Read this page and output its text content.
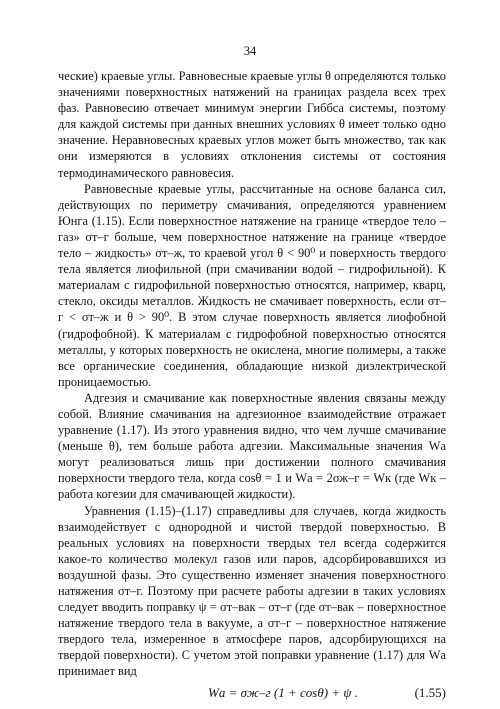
34

ческие) краевые углы. Равновесные краевые углы θ определяются только значениями поверхностных натяжений на границах раздела всех трех фаз. Равновесию отвечает минимум энергии Гиббса системы, поэтому для каждой системы при данных внешних условиях θ имеет только одно значение. Неравновесных краевых углов может быть множество, так как они измеряются в условиях отклонения системы от состояния термодинамического равновесия.

Равновесные краевые углы, рассчитанные на основе баланса сил, действующих по периметру смачивания, определяются уравнением Юнга (1.15). Если поверхностное натяжение на границе «твердое тело – газ» σт–г больше, чем поверхностное натяжение на границе «твердое тело – жидкость» σт–ж, то краевой угол θ < 90⁰ и поверхность твердого тела является лиофильной (при смачивании водой – гидрофильной). К материалам с гидрофильной поверхностью относятся, например, кварц, стекло, оксиды металлов. Жидкость не смачивает поверхность, если σт–г < σт–ж и θ > 90⁰. В этом случае поверхность является лиофобной (гидрофобной). К материалам с гидрофобной поверхностью относятся металлы, у которых поверхность не окислена, многие полимеры, а также все органические соединения, обладающие низкой диэлектрической проницаемостью.

Адгезия и смачивание как поверхностные явления связаны между собой. Влияние смачивания на адгезионное взаимодействие отражает уравнение (1.17). Из этого уравнения видно, что чем лучше смачивание (меньше θ), тем больше работа адгезии. Максимальные значения Wа могут реализоваться лишь при достижении полного смачивания поверхности твердого тела, когда cosθ = 1 и Wа = 2σж–г = Wк (где Wк – работа когезии для смачивающей жидкости).

Уравнения (1.15)–(1.17) справедливы для случаев, когда жидкость взаимодействует с однородной и чистой твердой поверхностью. В реальных условиях на поверхности твердых тел всегда содержится какое-то количество молекул газов или паров, адсорбировавшихся из воздушной фазы. Это существенно изменяет значения поверхностного натяжения σт–г. Поэтому при расчете работы адгезии в таких условиях следует вводить поправку ψ = σт–вак – σт–г (где σт–вак – поверхностное натяжение твердого тела в вакууме, а σт–г – поверхностное натяжение твердого тела, измеренное в атмосфере паров, адсорбирующихся на твердой поверхности). С учетом этой поправки уравнение (1.17) для Wа принимает вид

Wа = σж–г (1 + cosθ) + ψ .	(1.55)
